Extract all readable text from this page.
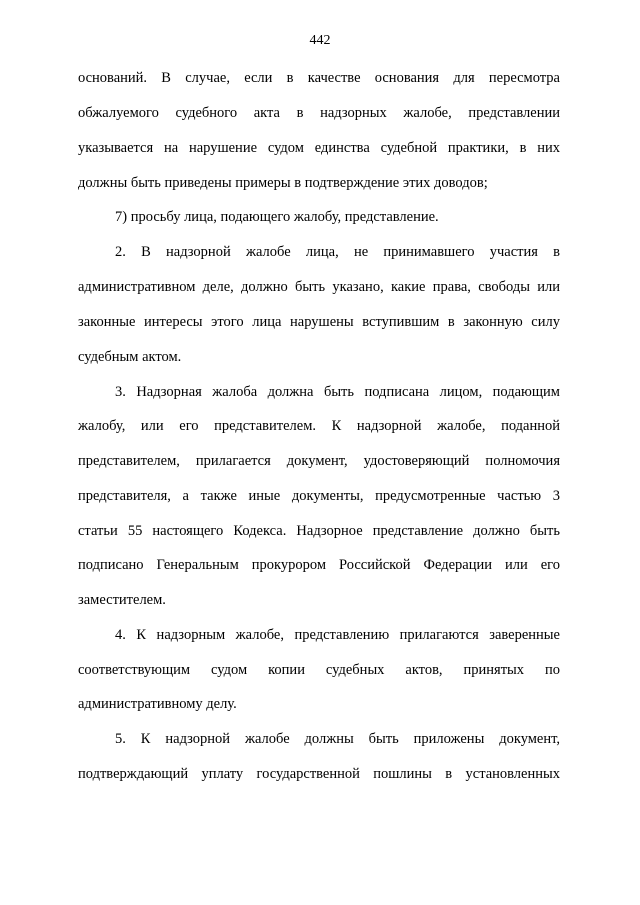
442
оснований. В случае, если в качестве основания для пересмотра
обжалуемого судебного акта в надзорных жалобе, представлении
указывается на нарушение судом единства судебной практики, в них
должны быть приведены примеры в подтверждение этих доводов;
7) просьбу лица, подающего жалобу, представление.
2. В надзорной жалобе лица, не принимавшего участия в
административном деле, должно быть указано, какие права, свободы или
законные интересы этого лица нарушены вступившим в законную силу
судебным актом.
3. Надзорная жалоба должна быть подписана лицом, подающим
жалобу, или его представителем. К надзорной жалобе, поданной
представителем, прилагается документ, удостоверяющий полномочия
представителя, а также иные документы, предусмотренные частью 3
статьи 55 настоящего Кодекса. Надзорное представление должно быть
подписано Генеральным прокурором Российской Федерации или его
заместителем.
4. К надзорным жалобе, представлению прилагаются заверенные
соответствующим судом копии судебных актов, принятых по
административному делу.
5. К надзорной жалобе должны быть приложены документ,
подтверждающий уплату государственной пошлины в установленных
